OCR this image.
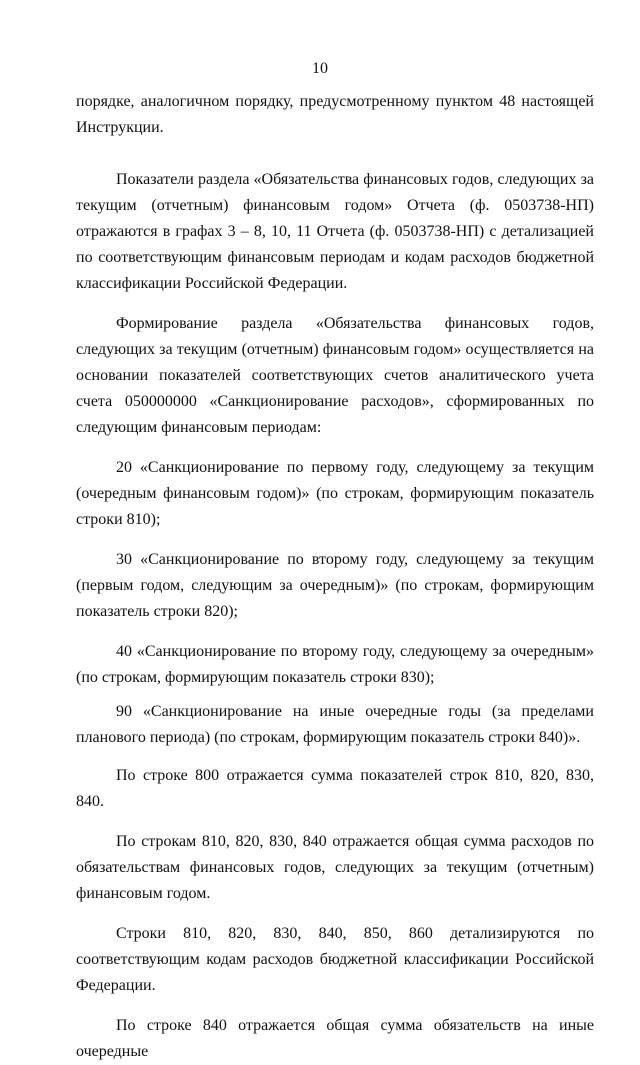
10

порядке, аналогичном порядку, предусмотренному пунктом 48 настоящей Инструкции.

Показатели раздела «Обязательства финансовых годов, следующих за текущим (отчетным) финансовым годом» Отчета (ф. 0503738-НП) отражаются в графах 3 – 8, 10, 11 Отчета (ф. 0503738-НП) с детализацией по соответствующим финансовым периодам и кодам расходов бюджетной классификации Российской Федерации.

Формирование раздела «Обязательства финансовых годов, следующих за текущим (отчетным) финансовым годом» осуществляется на основании показателей соответствующих счетов аналитического учета счета 050000000 «Санкционирование расходов», сформированных по следующим финансовым периодам:

20 «Санкционирование по первому году, следующему за текущим (очередным финансовым годом)» (по строкам, формирующим показатель строки 810);

30 «Санкционирование по второму году, следующему за текущим (первым годом, следующим за очередным)» (по строкам, формирующим показатель строки 820);

40 «Санкционирование по второму году, следующему за очередным» (по строкам, формирующим показатель строки 830);

90 «Санкционирование на иные очередные годы (за пределами планового периода) (по строкам, формирующим показатель строки 840)».

По строке 800 отражается сумма показателей строк 810, 820, 830, 840.

По строкам 810, 820, 830, 840 отражается общая сумма расходов по обязательствам финансовых годов, следующих за текущим (отчетным) финансовым годом.

Строки 810, 820, 830, 840, 850, 860 детализируются по соответствующим кодам расходов бюджетной классификации Российской Федерации.

По строке 840 отражается общая сумма обязательств на иные очередные
